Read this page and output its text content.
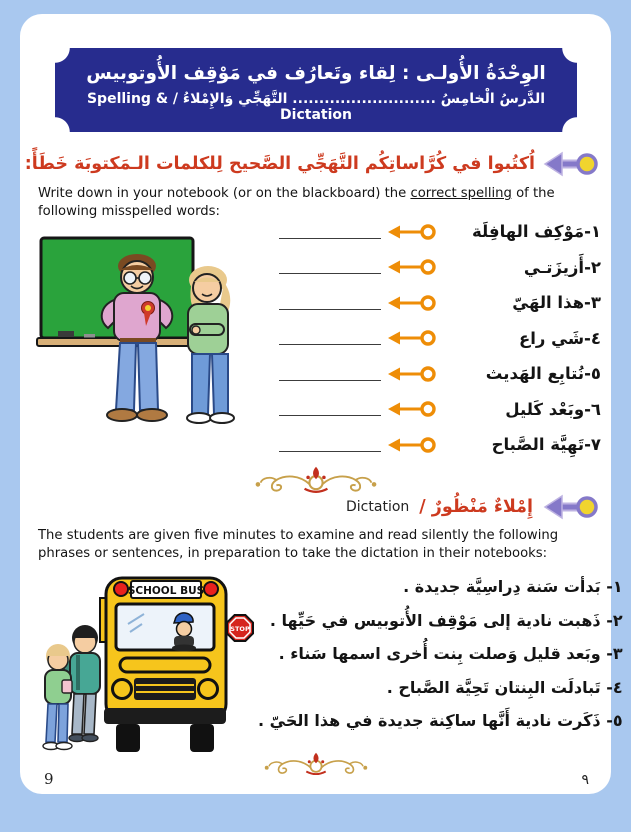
الوِحْدَةُ الأُولـى : لِقاء وتَعارُف في مَوْقِف الأُوتوبيس
الدَّرسُ الْخامِسُ ........................... التَّهَجِّي وَالإِمْلاءُ / Spelling & Dictation
اُكتُبوا في كُرَّاساتِكُم التَّهَجِّي الصَّحيح لِلكلمات الـمَكتوبَة خَطَأً:
Write down in your notebook (or on the blackboard) the correct spelling of the following misspelled words:
١-مَوْكِف الهافِلَة
٢-أَزيزَتـي
٣-هذا الهَيّ
٤-شَي راع
٥-نُتابِع الهَديث
٦-وبَعْد كَليل
٧-تَهِيَّة الصَّباح
إِمْلاءٌ مَنْظُورٌ /
Dictation
The students are given five minutes to examine and read silently the following phrases or sentences, in preparation to take the dictation in their notebooks:
SCHOOL BUS
STOP
١- بَدأت سَنة دِراسِيَّة جديدة .
٢- ذَهبت نادية إلى مَوْقِف الأُتوبيس في حَيِّها .
٣- وبَعد قليل وَصلت بِنت أُخرى اسمها سَناء .
٤- تَبادلَت البِنتان تَحِيَّة الصَّباح .
٥- ذَكَرت نادية أَنَّها ساكِنة جديدة في هذا الحَيّ .
9	٩
